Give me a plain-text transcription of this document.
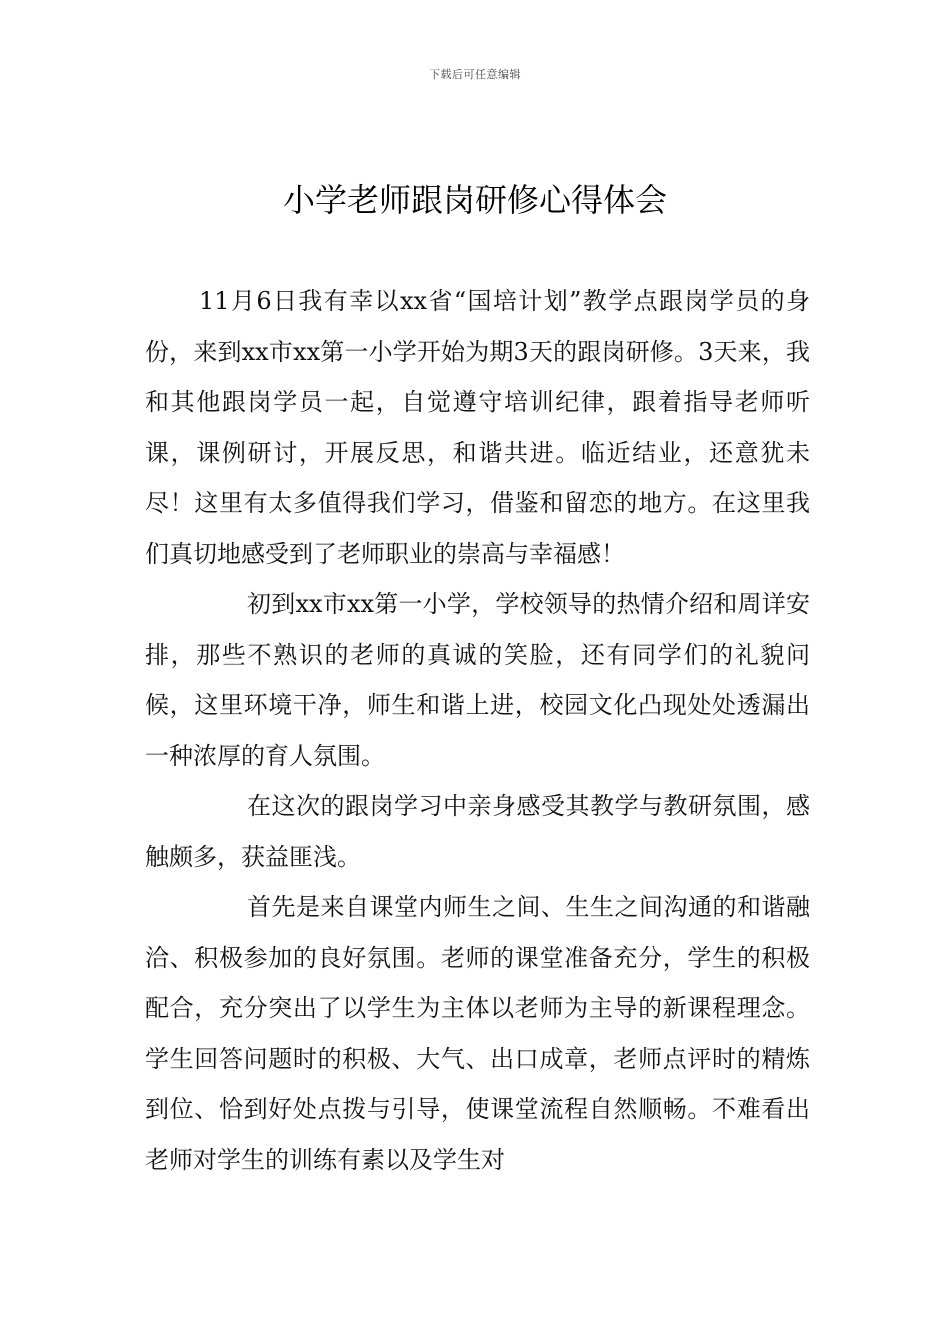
下载后可任意编辑
小学老师跟岗研修心得体会

11月6日我有幸以xx省“国培计划”教学点跟岗学员的身份，来到xx市xx第一小学开始为期3天的跟岗研修。3天来，我和其他跟岗学员一起，自觉遵守培训纪律，跟着指导老师听课，课例研讨，开展反思，和谐共进。临近结业，还意犹未尽！这里有太多值得我们学习，借鉴和留恋的地方。在这里我们真切地感受到了老师职业的崇高与幸福感！

初到xx市xx第一小学，学校领导的热情介绍和周详安排，那些不熟识的老师的真诚的笑脸，还有同学们的礼貌问候，这里环境干净，师生和谐上进，校园文化凸现处处透漏出一种浓厚的育人氛围。

在这次的跟岗学习中亲身感受其教学与教研氛围，感触颇多，获益匪浅。

首先是来自课堂内师生之间、生生之间沟通的和谐融洽、积极参加的良好氛围。老师的课堂准备充分，学生的积极配合，充分突出了以学生为主体以老师为主导的新课程理念。学生回答问题时的积极、大气、出口成章，老师点评时的精炼到位、恰到好处点拨与引导，使课堂流程自然顺畅。不难看出老师对学生的训练有素以及学生对
